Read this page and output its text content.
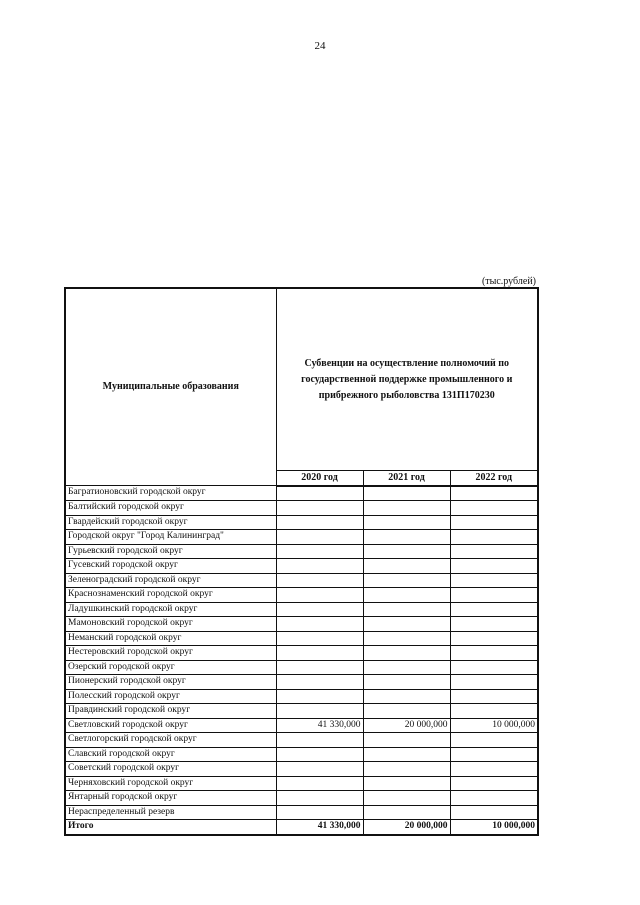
24
(тыс.рублей)
Муниципальные образования	Субвенции на осуществление полномочий по государственной поддержке промышленного и прибрежного рыболовства 131П170230		
	2020 год	2021 год	2022 год
Багратионовский городской округ			
Балтийский городской округ			
Гвардейский городской округ			
Городской округ "Город Калининград"			
Гурьевский городской округ			
Гусевский городской округ			
Зеленоградский городской округ			
Краснознаменский городской округ			
Ладушкинский городской округ			
Мамоновский городской округ			
Неманский городской округ			
Нестеровский городской округ			
Озерский городской округ			
Пионерский городской округ			
Полесский городской округ			
Правдинский городской округ			
Светловский городской округ	41 330,000	20 000,000	10 000,000
Светлогорский городской округ			
Славский городской округ			
Советский городской округ			
Черняховский городской округ			
Янтарный городской округ			
Нераспределенный резерв			
Итого	41 330,000	20 000,000	10 000,000
